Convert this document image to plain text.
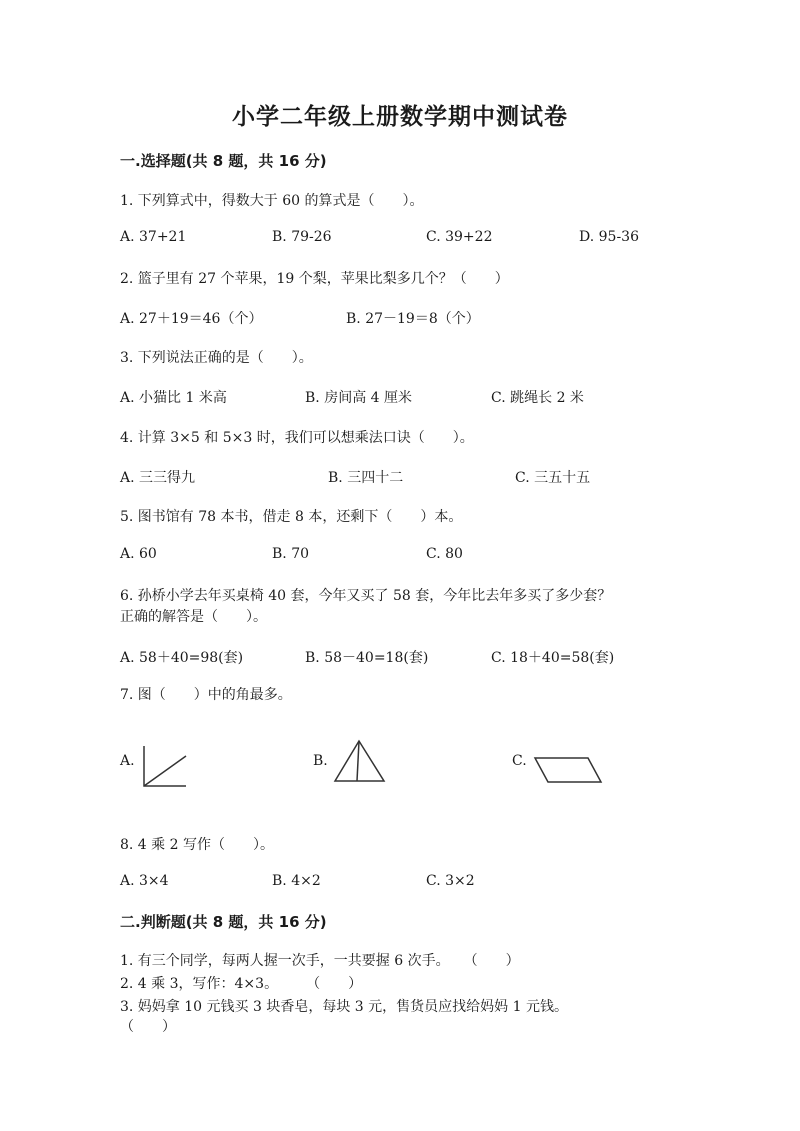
小学二年级上册数学期中测试卷
一.选择题(共 8 题，共 16 分)
1. 下列算式中，得数大于 60 的算式是（　　）。
A. 37+21	B. 79-26	C. 39+22	D. 95-36
2. 篮子里有 27 个苹果，19 个梨，苹果比梨多几个？（　　）
A. 27＋19＝46（个）	B. 27－19＝8（个）
3. 下列说法正确的是（　　）。
A. 小猫比 1 米高	B. 房间高 4 厘米	C. 跳绳长 2 米
4. 计算 3×5 和 5×3 时，我们可以想乘法口诀（　　）。
A. 三三得九	B. 三四十二	C. 三五十五
5. 图书馆有 78 本书，借走 8 本，还剩下（　　）本。
A. 60	B. 70	C. 80
6. 孙桥小学去年买桌椅 40 套，今年又买了 58 套，今年比去年多买了多少套？
正确的解答是（　　）。
A. 58＋40=98(套)	B. 58－40=18(套)	C. 18＋40=58(套)
7. 图（　　）中的角最多。
A.	B.	C.
8. 4 乘 2 写作（　　）。
A. 3×4	B. 4×2	C. 3×2
二.判断题(共 8 题，共 16 分)
1. 有三个同学，每两人握一次手，一共要握 6 次手。　　（　　）
2. 4 乘 3，写作：4×3。　　　（　　）
3. 妈妈拿 10 元钱买 3 块香皂，每块 3 元，售货员应找给妈妈 1 元钱。
（　　）
